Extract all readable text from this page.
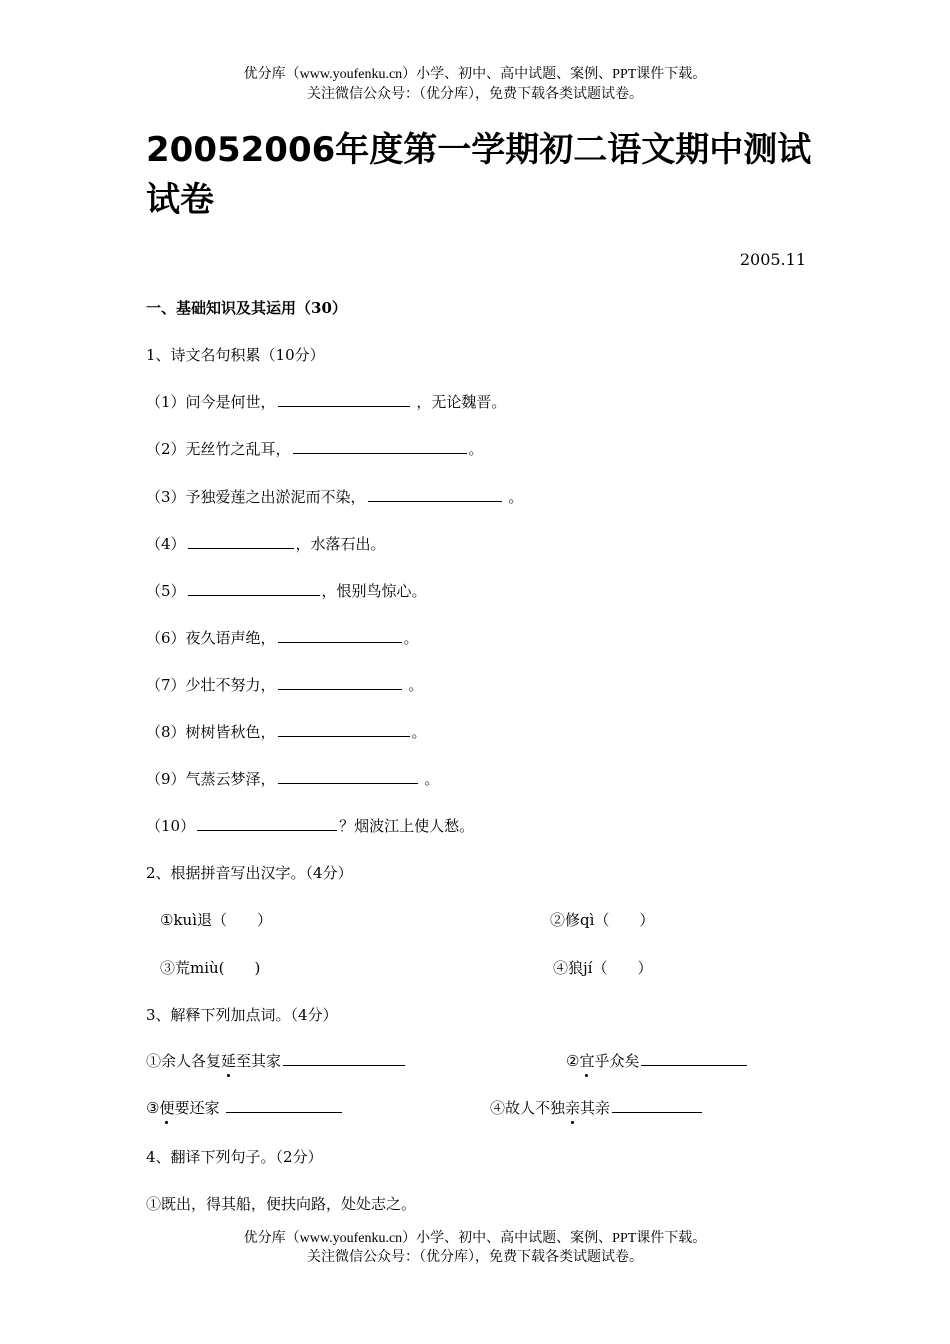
优分库（www.youfenku.cn）小学、初中、高中试题、案例、PPT课件下载。
关注微信公众号：（优分库），免费下载各类试题试卷。
20052006年度第一学期初二语文期中测试
试卷
2005.11
一、基础知识及其运用（30）
1、诗文名句积累（10分）
（1）问今是何世，	，无论魏晋。
（2）无丝竹之乱耳，	。
（3）予独爱莲之出淤泥而不染，	。
（4）	，水落石出。
（5）	，恨别鸟惊心。
（6）夜久语声绝，	。
（7）少壮不努力，	。
（8）树树皆秋色，	。
（9）气蒸云梦泽，	。
（10）	？烟波江上使人愁。
2、根据拼音写出汉字。（4分）
①kuì退（　　）	②修qì（　　）
③荒miù(　　)	④狼jí（　　）
3、解释下列加点词。（4分）
①余人各复延至其家	②宜乎众矣
③便要还家	④故人不独亲其亲
4、翻译下列句子。（2分）
①既出，得其船，便扶向路，处处志之。
优分库（www.youfenku.cn）小学、初中、高中试题、案例、PPT课件下载。
关注微信公众号：（优分库），免费下载各类试题试卷。
